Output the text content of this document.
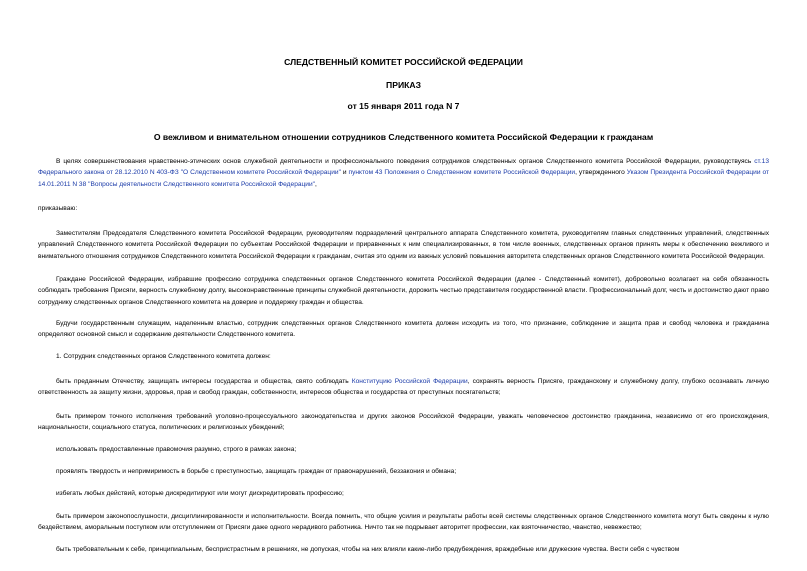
СЛЕДСТВЕННЫЙ КОМИТЕТ РОССИЙСКОЙ ФЕДЕРАЦИИ
ПРИКАЗ
от 15 января 2011 года N 7
О вежливом и внимательном отношении сотрудников Следственного комитета Российской Федерации к гражданам
В целях совершенствования нравственно-этических основ служебной деятельности и профессионального поведения сотрудников следственных органов Следственного комитета Российской Федерации, руководствуясь ст.13 Федерального закона от 28.12.2010 N 403-ФЗ "О Следственном комитете Российской Федерации" и пунктом 43 Положения о Следственном комитете Российской Федерации, утвержденного Указом Президента Российской Федерации от 14.01.2011 N 38 "Вопросы деятельности Следственного комитета Российской Федерации",
приказываю:
Заместителям Председателя Следственного комитета Российской Федерации, руководителям подразделений центрального аппарата Следственного комитета, руководителям главных следственных управлений, следственных управлений Следственного комитета Российской Федерации по субъектам Российской Федерации и приравненных к ним специализированных, в том числе военных, следственных органов принять меры к обеспечению вежливого и внимательного отношения сотрудников Следственного комитета Российской Федерации к гражданам, считая это одним из важных условий повышения авторитета следственных органов Следственного комитета Российской Федерации.
Граждане Российской Федерации, избравшие профессию сотрудника следственных органов Следственного комитета Российской Федерации (далее - Следственный комитет), добровольно возлагает на себя обязанность соблюдать требования Присяги, верность служебному долгу, высоконравственные принципы служебной деятельности, дорожить честью представителя государственной власти. Профессиональный долг, честь и достоинство дают право сотруднику следственных органов Следственного комитета на доверие и поддержку граждан и общества.
Будучи государственным служащим, наделенным властью, сотрудник следственных органов Следственного комитета должен исходить из того, что признание, соблюдение и защита прав и свобод человека и гражданина определяют основной смысл и содержание деятельности Следственного комитета.
1. Сотрудник следственных органов Следственного комитета должен:
быть преданным Отечеству, защищать интересы государства и общества, свято соблюдать Конституцию Российской Федерации, сохранять верность Присяге, гражданскому и служебному долгу, глубоко осознавать личную ответственность за защиту жизни, здоровья, прав и свобод граждан, собственности, интересов общества и государства от преступных посягательств;
быть примером точного исполнения требований уголовно-процессуального законодательства и других законов Российской Федерации, уважать человеческое достоинство гражданина, независимо от его происхождения, национальности, социального статуса, политических и религиозных убеждений;
использовать предоставленные правомочия разумно, строго в рамках закона;
проявлять твердость и непримиримость в борьбе с преступностью, защищать граждан от правонарушений, беззакония и обмана;
избегать любых действий, которые дискредитируют или могут дискредитировать профессию;
быть примером законопослушности, дисциплинированности и исполнительности. Всегда помнить, что общие усилия и результаты работы всей системы следственных органов Следственного комитета могут быть сведены к нулю бездействием, аморальным поступком или отступлением от Присяги даже одного нерадивого работника. Ничто так не подрывает авторитет профессии, как взяточничество, чванство, невежество;
быть требовательным к себе, принципиальным, беспристрастным в решениях, не допуская, чтобы на них влияли какие-либо предубеждения, враждебные или дружеские чувства. Вести себя с чувством
